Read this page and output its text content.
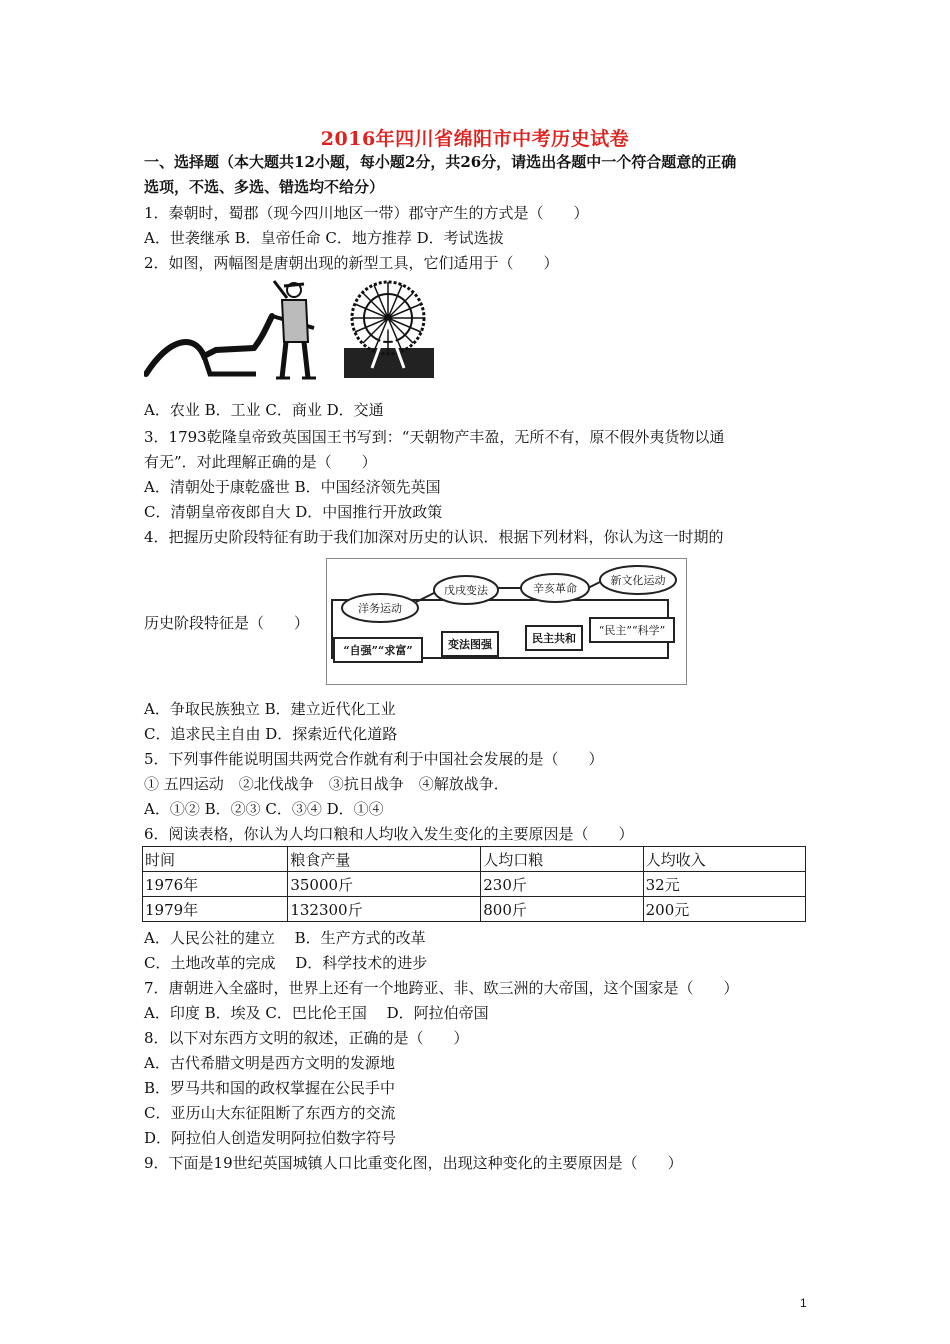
2016年四川省绵阳市中考历史试卷
一、选择题（本大题共12小题，每小题2分，共26分，请选出各题中一个符合题意的正确
选项，不选、多选、错选均不给分）
1．秦朝时，蜀郡（现今四川地区一带）郡守产生的方式是（　　）
A．世袭继承 B．皇帝任命 C．地方推荐 D．考试选拔
2．如图，两幅图是唐朝出现的新型工具，它们适用于（　　）
A．农业 B．工业 C．商业 D．交通
3．1793乾隆皇帝致英国国王书写到：“天朝物产丰盈，无所不有，原不假外夷货物以通
有无”．对此理解正确的是（　　）
A．清朝处于康乾盛世 B．中国经济领先英国
C．清朝皇帝夜郎自大 D．中国推行开放政策
4．把握历史阶段特征有助于我们加深对历史的认识．根据下列材料，你认为这一时期的
历史阶段特征是（　　）
洋务运动
戊戌变法	辛亥革命
新文化运动
“自强”“求富”	变法图强	民主共和
“民主”“科学”
A．争取民族独立 B．建立近代化工业
C．追求民主自由 D．探索近代化道路
5．下列事件能说明国共两党合作就有利于中国社会发展的是（　　）
① 五四运动　②北伐战争　③抗日战争　④解放战争．
A．①② B．②③ C．③④ D．①④
6．阅读表格，你认为人均口粮和人均收入发生变化的主要原因是（　　）
时间	粮食产量	人均口粮	人均收入
1976年	35000斤	230斤	32元
1979年	132300斤	800斤	200元
A．人民公社的建立　 B．生产方式的改革
C．土地改革的完成　 D．科学技术的进步
7．唐朝进入全盛时，世界上还有一个地跨亚、非、欧三洲的大帝国，这个国家是（　　）
A．印度 B．埃及 C．巴比伦王国　 D．阿拉伯帝国
8．以下对东西方文明的叙述，正确的是（　　）
A．古代希腊文明是西方文明的发源地
B．罗马共和国的政权掌握在公民手中
C．亚历山大东征阻断了东西方的交流
D．阿拉伯人创造发明阿拉伯数字符号
9．下面是19世纪英国城镇人口比重变化图，出现这种变化的主要原因是（　　）
1
